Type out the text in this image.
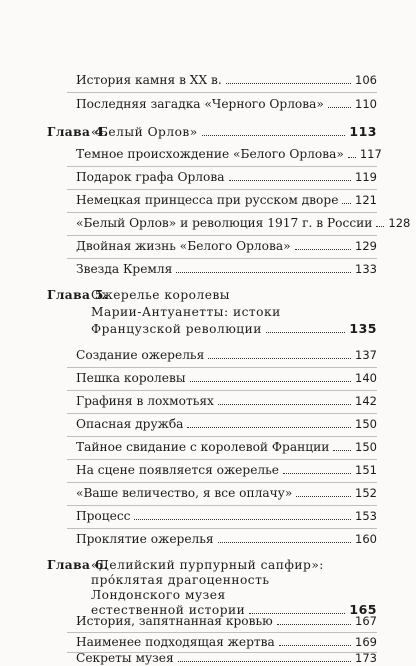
История камня в XX в.	106
Последняя загадка «Черного Орлова»	110
Глава 4.
«Белый Орлов»	113
Темное происхождение «Белого Орлова» 117
Подарок графа Орлова	119
Немецкая принцесса при русском дворе 121
«Белый Орлов» и революция 1917 г. в России 128
Двойная жизнь «Белого Орлова»	129
Звезда Кремля	133
Глава 5.
Ожерелье королевы
Марии-Антуанетты: истоки
Французской революции	135
Создание ожерелья	137
Пешка королевы	140
Графиня в лохмотьях	142
Опасная дружба	150
Тайное свидание с королевой Франции 150
На сцене появляется ожерелье	151
«Ваше величество, я все оплачу»	152
Процесс	153
Проклятие ожерелья	160
Глава 6.
«Делийский пурпурный сапфир»:
про́клятая драгоценность
Лондонского музея
естественной истории	165
История, запятнанная кровью	167
Наименее подходящая жертва	169
Секреты музея	173
